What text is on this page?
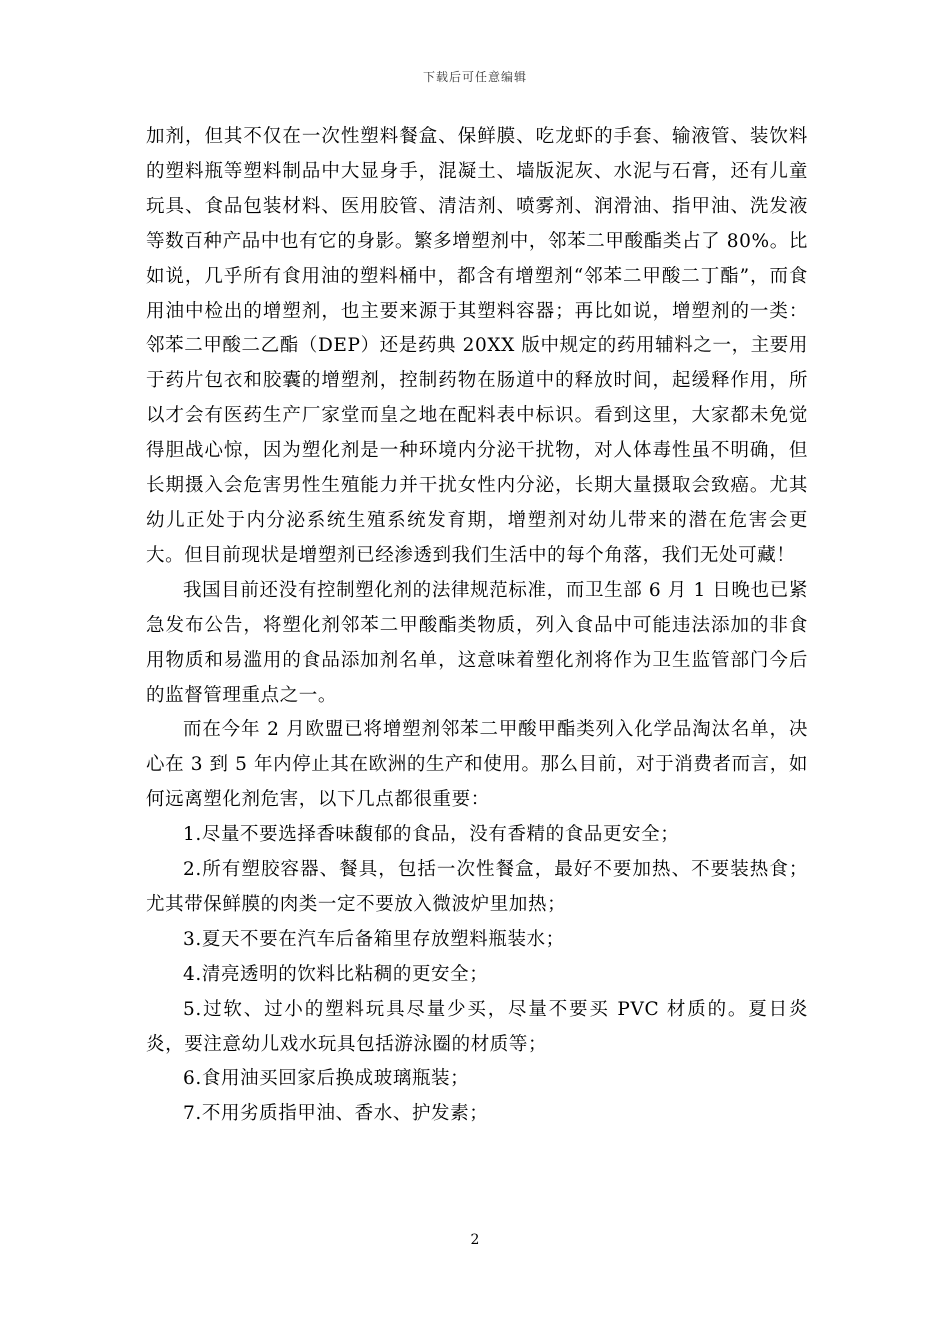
下载后可任意编辑

加剂，但其不仅在一次性塑料餐盒、保鲜膜、吃龙虾的手套、输液管、装饮料的塑料瓶等塑料制品中大显身手，混凝土、墙版泥灰、水泥与石膏，还有儿童玩具、食品包装材料、医用胶管、清洁剂、喷雾剂、润滑油、指甲油、洗发液等数百种产品中也有它的身影。繁多增塑剂中，邻苯二甲酸酯类占了 80%。比如说，几乎所有食用油的塑料桶中，都含有增塑剂“邻苯二甲酸二丁酯”，而食用油中检出的增塑剂，也主要来源于其塑料容器；再比如说，增塑剂的一类：邻苯二甲酸二乙酯（DEP）还是药典 20XX 版中规定的药用辅料之一，主要用于药片包衣和胶囊的增塑剂，控制药物在肠道中的释放时间，起缓释作用，所以才会有医药生产厂家堂而皇之地在配料表中标识。看到这里，大家都未免觉得胆战心惊，因为塑化剂是一种环境内分泌干扰物，对人体毒性虽不明确，但长期摄入会危害男性生殖能力并干扰女性内分泌，长期大量摄取会致癌。尤其幼儿正处于内分泌系统生殖系统发育期，增塑剂对幼儿带来的潜在危害会更大。但目前现状是增塑剂已经渗透到我们生活中的每个角落，我们无处可藏！

我国目前还没有控制塑化剂的法律规范标准，而卫生部 6 月 1 日晚也已紧急发布公告，将塑化剂邻苯二甲酸酯类物质，列入食品中可能违法添加的非食用物质和易滥用的食品添加剂名单，这意味着塑化剂将作为卫生监管部门今后的监督管理重点之一。

而在今年 2 月欧盟已将增塑剂邻苯二甲酸甲酯类列入化学品淘汰名单，决心在 3 到 5 年内停止其在欧洲的生产和使用。那么目前，对于消费者而言，如何远离塑化剂危害，以下几点都很重要：

1.尽量不要选择香味馥郁的食品，没有香精的食品更安全；

2.所有塑胶容器、餐具，包括一次性餐盒，最好不要加热、不要装热食；尤其带保鲜膜的肉类一定不要放入微波炉里加热；

3.夏天不要在汽车后备箱里存放塑料瓶装水；

4.清亮透明的饮料比粘稠的更安全；

5.过软、过小的塑料玩具尽量少买，尽量不要买 PVC 材质的。夏日炎炎，要注意幼儿戏水玩具包括游泳圈的材质等；

6.食用油买回家后换成玻璃瓶装；

7.不用劣质指甲油、香水、护发素；

2
